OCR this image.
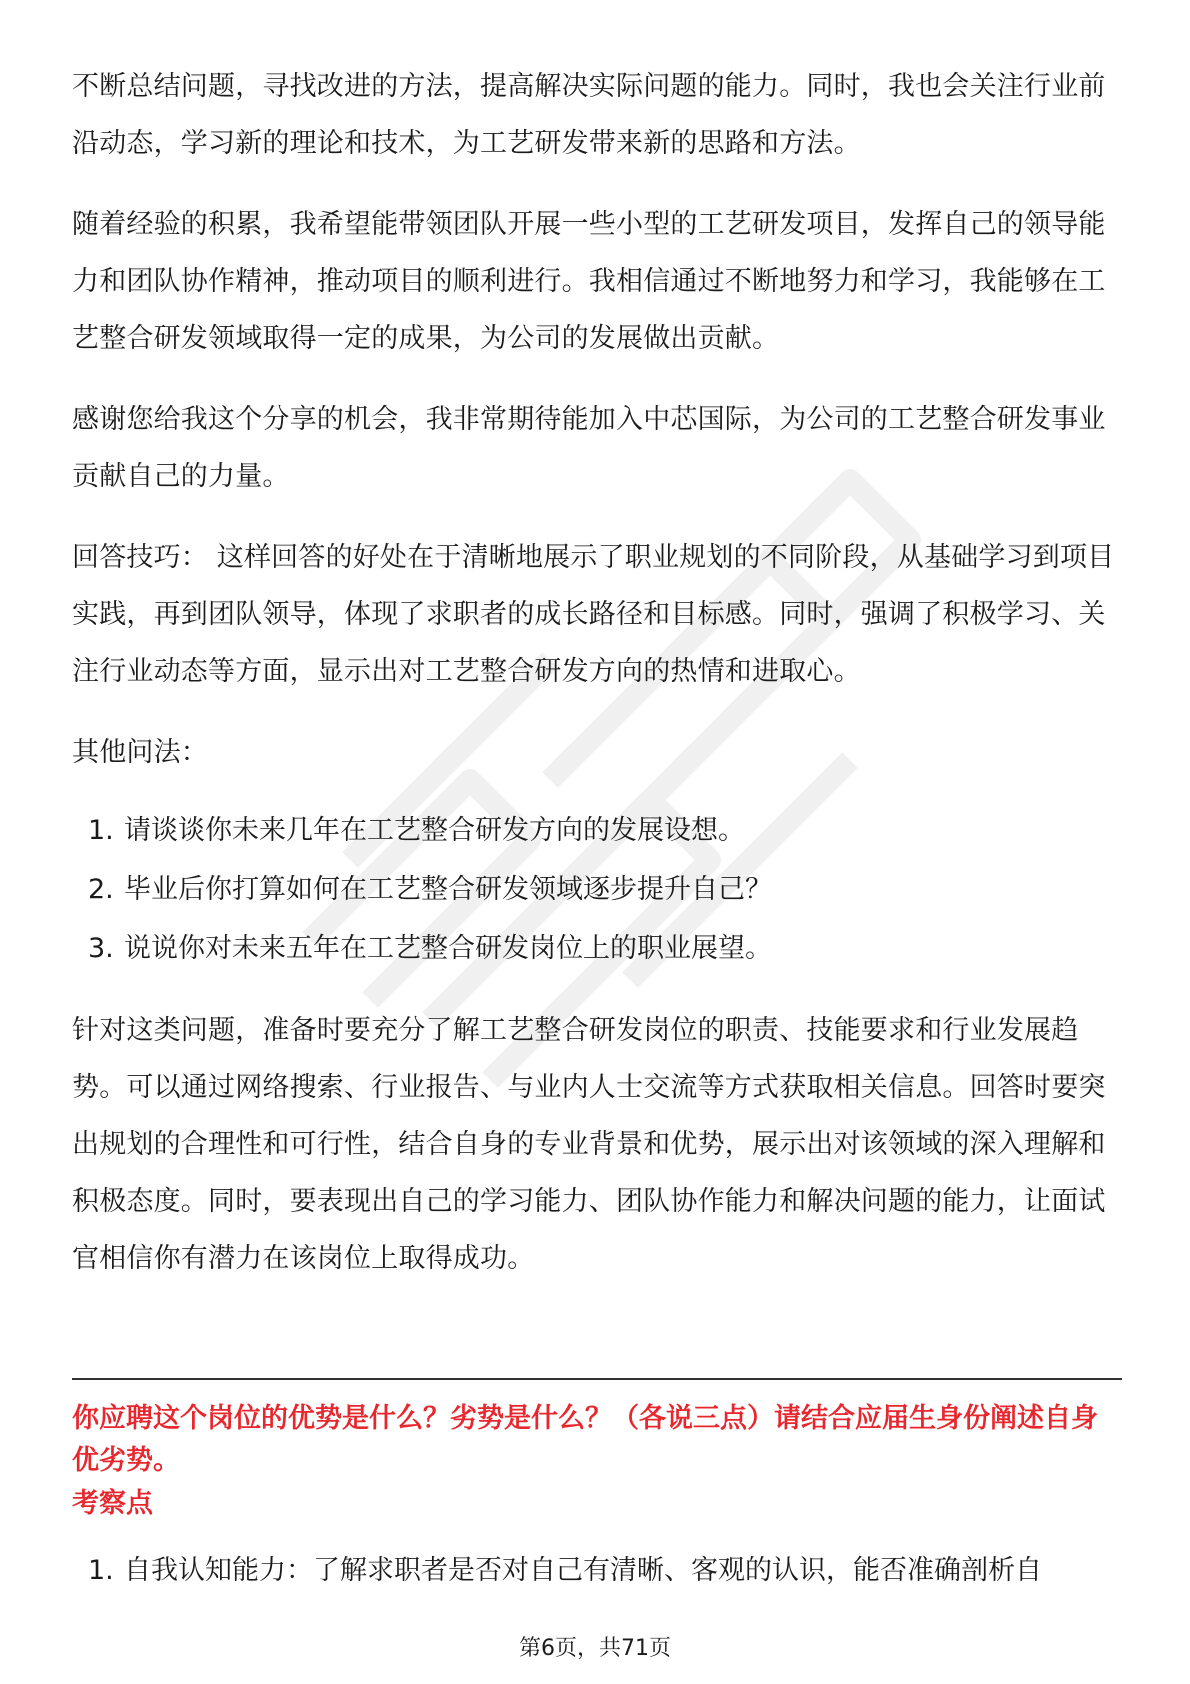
不断总结问题，寻找改进的方法，提高解决实际问题的能力。同时，我也会关注行业前沿动态，学习新的理论和技术，为工艺研发带来新的思路和方法。

随着经验的积累，我希望能带领团队开展一些小型的工艺研发项目，发挥自己的领导能力和团队协作精神，推动项目的顺利进行。我相信通过不断地努力和学习，我能够在工艺整合研发领域取得一定的成果，为公司的发展做出贡献。

感谢您给我这个分享的机会，我非常期待能加入中芯国际，为公司的工艺整合研发事业贡献自己的力量。

回答技巧： 这样回答的好处在于清晰地展示了职业规划的不同阶段，从基础学习到项目实践，再到团队领导，体现了求职者的成长路径和目标感。同时，强调了积极学习、关注行业动态等方面，显示出对工艺整合研发方向的热情和进取心。

其他问法：

1. 请谈谈你未来几年在工艺整合研发方向的发展设想。
2. 毕业后你打算如何在工艺整合研发领域逐步提升自己？
3. 说说你对未来五年在工艺整合研发岗位上的职业展望。

针对这类问题，准备时要充分了解工艺整合研发岗位的职责、技能要求和行业发展趋势。可以通过网络搜索、行业报告、与业内人士交流等方式获取相关信息。回答时要突出规划的合理性和可行性，结合自身的专业背景和优势，展示出对该领域的深入理解和积极态度。同时，要表现出自己的学习能力、团队协作能力和解决问题的能力，让面试官相信你有潜力在该岗位上取得成功。

你应聘这个岗位的优势是什么？劣势是什么？（各说三点）请结合应届生身份阐述自身优劣势。
考察点
1. 自我认知能力：了解求职者是否对自己有清晰、客观的认识，能否准确剖析自
第6页，共71页
